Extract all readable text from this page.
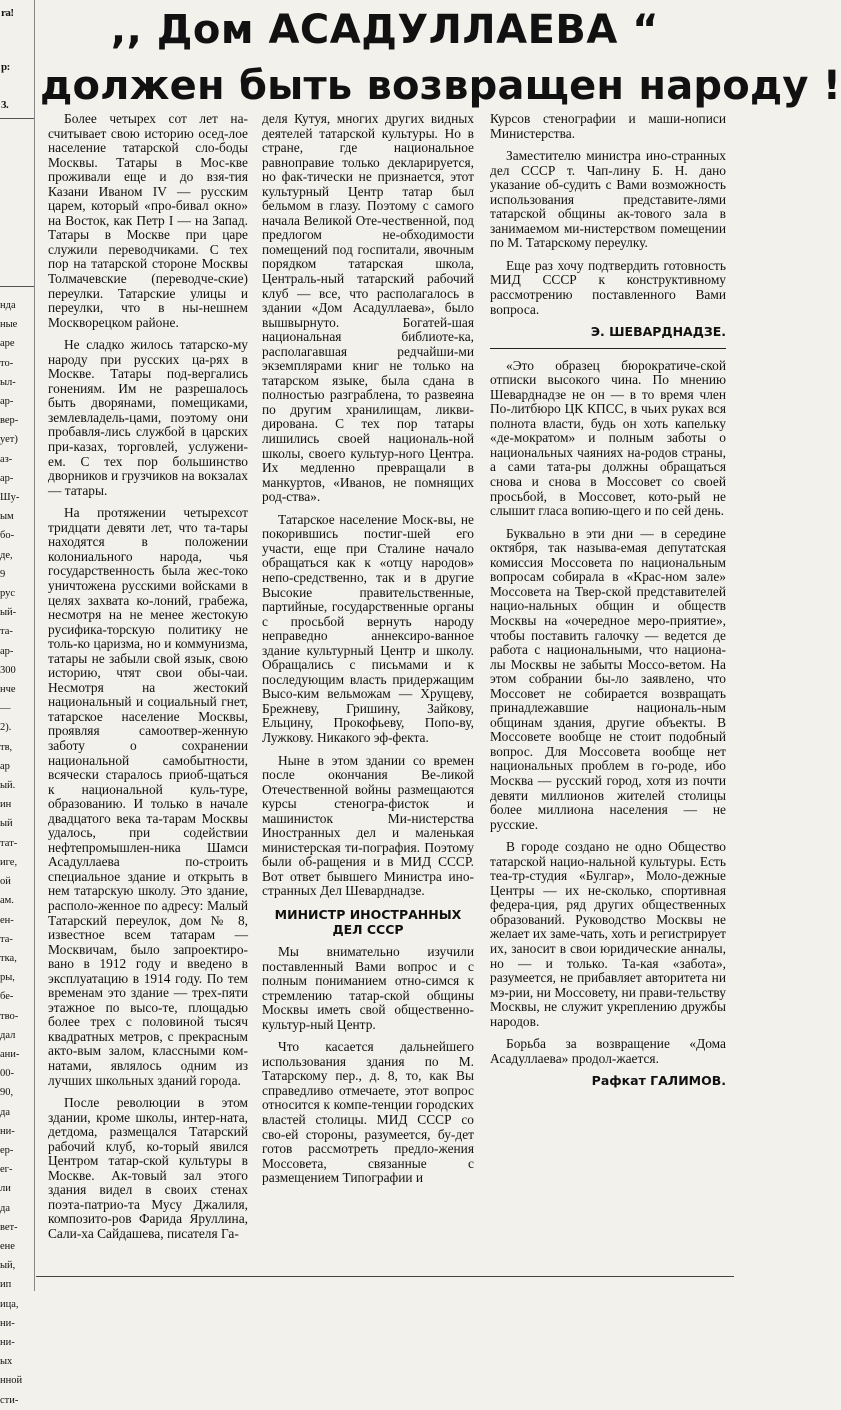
ra!
р:
3.
нда
ные
аре
то-
ыл-
ар-
вер-
ует)
аз-
ар-
Шу-
ым
бо-
де,
9
рус
ый-
та-
ар-
300
нче
—
2).
тв,
ар
ый.
ин
ый
тат-
иге,
ой
ам.
ен-
та-
тка,
ры,
бе-
тво-
дал
ани-
00-
90,
да
ни-
ер-
ег-
ли
да
вет-
ене
ый,
ип
ица,
ни-
ни-
ых
нной
сти-
,, Дом АСАДУЛЛАЕВА “
должен быть возвращен народу !

Более четырех сот лет на-считывает свою историю осед-лое население татарской сло-боды Москвы. Татары в Мос-кве проживали еще и до взя-тия Казани Иваном IV — русским царем, который «про-бивал окно» на Восток, как Петр I — на Запад. Татары в Москве при царе служили переводчиками. С тех пор на татарской стороне Москвы Толмачевские (переводче-ские) переулки. Татарские улицы и переулки, что в ны-нешнем Москворецком районе.

Не сладко жилось татарско-му народу при русских ца-рях в Москве. Татары под-вергались гонениям. Им не разрешалось быть дворянами, помещиками, землевладель-цами, поэтому они пробавля-лись службой в царских при-казах, торговлей, услужени-ем. С тех пор большинство дворников и грузчиков на вокзалах — татары.

На протяжении четырехсот тридцати девяти лет, что та-тары находятся в положении колониального народа, чья государственность была жес-токо уничтожена русскими войсками в целях захвата ко-лоний, грабежа, несмотря на не менее жестокую русифика-торскую политику не толь-ко царизма, но и коммунизма, татары не забыли свой язык, свою историю, чтят свои обы-чаи. Несмотря на жестокий национальный и социальный гнет, татарское население Москвы, проявляя самоотвер-женную заботу о сохранении национальной самобытности, всячески старалось приоб-щаться к национальной куль-туре, образованию. И только в начале двадцатого века та-тарам Москвы удалось, при содействии нефтепромышлен-ника Шамси Асадуллаева по-строить специальное здание и открыть в нем татарскую школу. Это здание, располо-женное по адресу: Малый Татарский переулок, дом № 8, известное всем татарам — Москвичам, было запроектиро-вано в 1912 году и введено в эксплуатацию в 1914 году. По тем временам это здание — трех-пяти этажное по высо-те, площадью более трех с половиной тысяч квадратных метров, с прекрасным актo-вым залом, классными ком-натами, являлось одним из лучших школьных зданий города.

После революции в этом здании, кроме школы, интер-ната, детдома, размещался Татарский рабочий клуб, ко-торый явился Центром татар-ской культуры в Москве. Ак-товый зал этого здания видел в своих стенах поэта-патрио-та Мусу Джалиля, композито-ров Фарида Яруллина, Сали-ха Сайдашева, писателя Га-

деля Кутуя, многих других видных деятелей татарской культуры. Но в стране, где национальное равноправие только декларируется, но фак-тически не признается, этот культурный Центр татар был бельмом в глазу. Поэтому с самого начала Великой Оте-чественной, под предлогом не-обходимости помещений под госпитали, явочным порядком татарская школа, Централь-ный татарский рабочий клуб — все, что располагалось в здании «Дом Асадуллаева», было вышвырнуто. Богатей-шая национальная библиоте-ка, располагавшая редчайши-ми экземплярами книг не только на татарском языке, была сдана в полностью разграблена, то развеяна по другим хранилищам, ликви-дирована. С тех пор татары лишились своей националь-ной школы, своего культур-ного Центра. Их медленно превращали в манкуртов, «Иванов, не помнящих род-ства».

Татарское население Моск-вы, не покорившись постиг-шей его участи, еще при Сталине начало обращаться как к «отцу народов» непо-средственно, так и в другие Высокие правительственные, партийные, государственные органы с просьбой вернуть народу неправедно аннексиро-ванное здание культурный Центр и школу. Обращались с письмами и к последующим власть придержащим Высо-ким вельможам — Хрущеву, Брежневу, Гришину, Зайкову, Ельцину, Прокофьеву, Попо-ву, Лужкову. Никакого эф-фекта.

Ныне в этом здании со времен после окончания Ве-ликой Отечественной войны размещаются курсы стеногра-фисток и машинисток Ми-нистерства Иностранных дел и маленькая министерская ти-пография. Поэтому были об-ращения и в МИД СССР. Вот ответ бывшего Министра ино-странных Дел Шеварднадзе.

МИНИСТР ИНОСТРАННЫХ ДЕЛ СССР

Мы внимательно изучили поставленный Вами вопрос и с полным пониманием отно-симся к стремлению татар-ской общины Москвы иметь свой общественно-культур-ный Центр.

Что касается дальнейшего использования здания по М. Татарскому пер., д. 8, то, как Вы справедливо отмечаете, этот вопрос относится к компе-тенции городских властей столицы. МИД СССР со сво-ей стороны, разумеется, бу-дет готов рассмотреть предло-жения Моссовета, связанные с размещением Типографии и

Курсов стенографии и маши-нописи Министерства.

Заместителю министра ино-странных дел СССР т. Чап-лину Б. Н. дано указание об-судить с Вами возможность использования представите-лями татарской общины ак-тового зала в занимаемом ми-нистерством помещении по М. Татарскому переулку.

Еще раз хочу подтвердить готовность МИД СССР к конструктивному рассмотрению поставленного Вами вопроса.

Э. ШЕВАРДНАДЗЕ.

«Это образец бюрократиче-ской отписки высокого чина. По мнению Шеварднадзе не он — в то время член По-литбюро ЦК КПСС, в чьих руках вся полнота власти, будь он хоть капельку «де-мократом» и полным заботы о национальных чаяниях на-родов страны, а сами тата-ры должны обращаться снова и снова в Моссовет со своей просьбой, в Моссовет, кото-рый не слышит гласа вопию-щего и по сей день.

Буквально в эти дни — в середине октября, так называ-емая депутатская комиссия Моссовета по национальным вопросам собирала в «Крас-ном зале» Моссовета на Твер-ской представителей нацио-нальных общин и обществ Москвы на «очередное меро-приятие», чтобы поставить галочку — ведется де работа с национальными, что национа-лы Москвы не забыты Моссо-ветом. На этом собрании бы-ло заявлено, что Моссовет не собирается возвращать принадлежавшие националь-ным общинам здания, другие объекты. В Моссовете вообще не стоит подобный вопрос. Для Моссовета вообще нет национальных проблем в го-роде, ибо Москва — русский город, хотя из почти девяти миллионов жителей столицы более миллиона населения — не русские.

В городе создано не одно Общество татарской нацио-нальной культуры. Есть теа-тр-студия «Булгар», Моло-дежные Центры — их не-сколько, спортивная федера-ция, ряд других общественных образований. Руководство Москвы не желает их заме-чать, хоть и регистрирует их, заносит в свои юридические анналы, но — и только. Та-кая «забота», разумеется, не прибавляет авторитета ни мэ-рии, ни Моссовету, ни прави-тельству Москвы, не служит укреплению дружбы народов.

Борьба за возвращение «Дома Асадуллаева» продол-жается.

Рафкат ГАЛИМОВ.
